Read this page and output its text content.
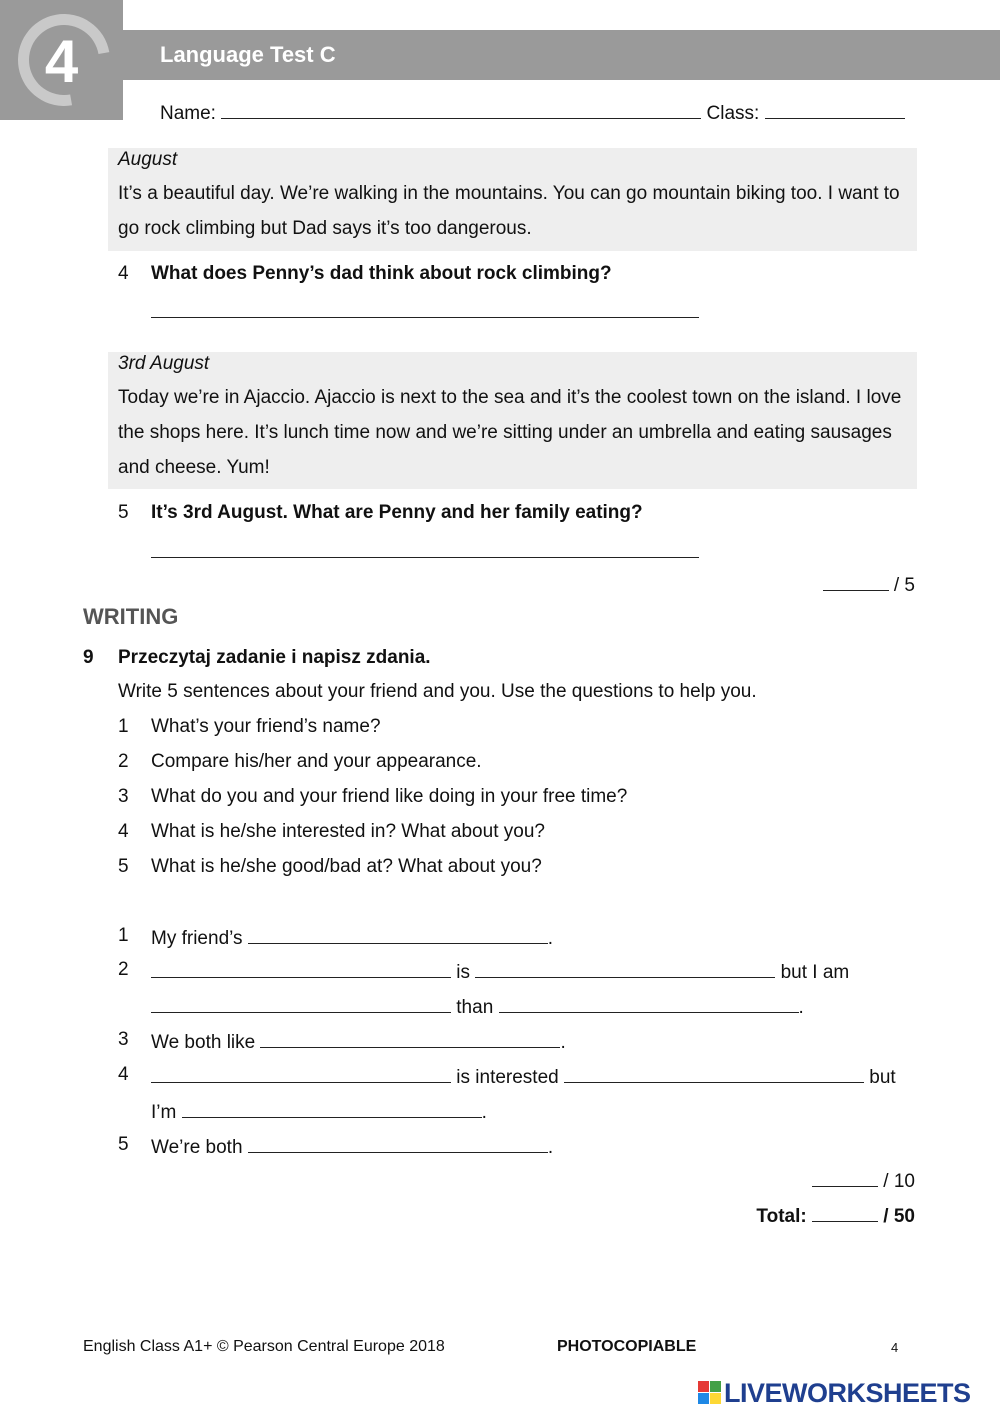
4	Language Test C
Name:	Class:
August
It’s a beautiful day. We’re walking in the mountains. You can go mountain biking too. I want to go rock climbing but Dad says it’s too dangerous.
4 What does Penny’s dad think about rock climbing?
3rd August
Today we’re in Ajaccio. Ajaccio is next to the sea and it’s the coolest town on the island. I love the shops here. It’s lunch time now and we’re sitting under an umbrella and eating sausages and cheese. Yum!
5 It’s 3rd August. What are Penny and her family eating?
/ 5
WRITING
9 Przeczytaj zadanie i napisz zdania.
Write 5 sentences about your friend and you. Use the questions to help you.
1 What’s your friend’s name?
2 Compare his/her and your appearance.
3 What do you and your friend like doing in your free time?
4 What is he/she interested in? What about you?
5 What is he/she good/bad at? What about you?
1 My friend’s	.
2	is	but I am
than	.
3 We both like	.
4	is interested	but
I’m	.
5 We’re both	.
/ 10
Total:	/ 50
English Class A1+ © Pearson Central Europe 2018	PHOTOCOPIABLE	4
LIVEWORKSHEETS
